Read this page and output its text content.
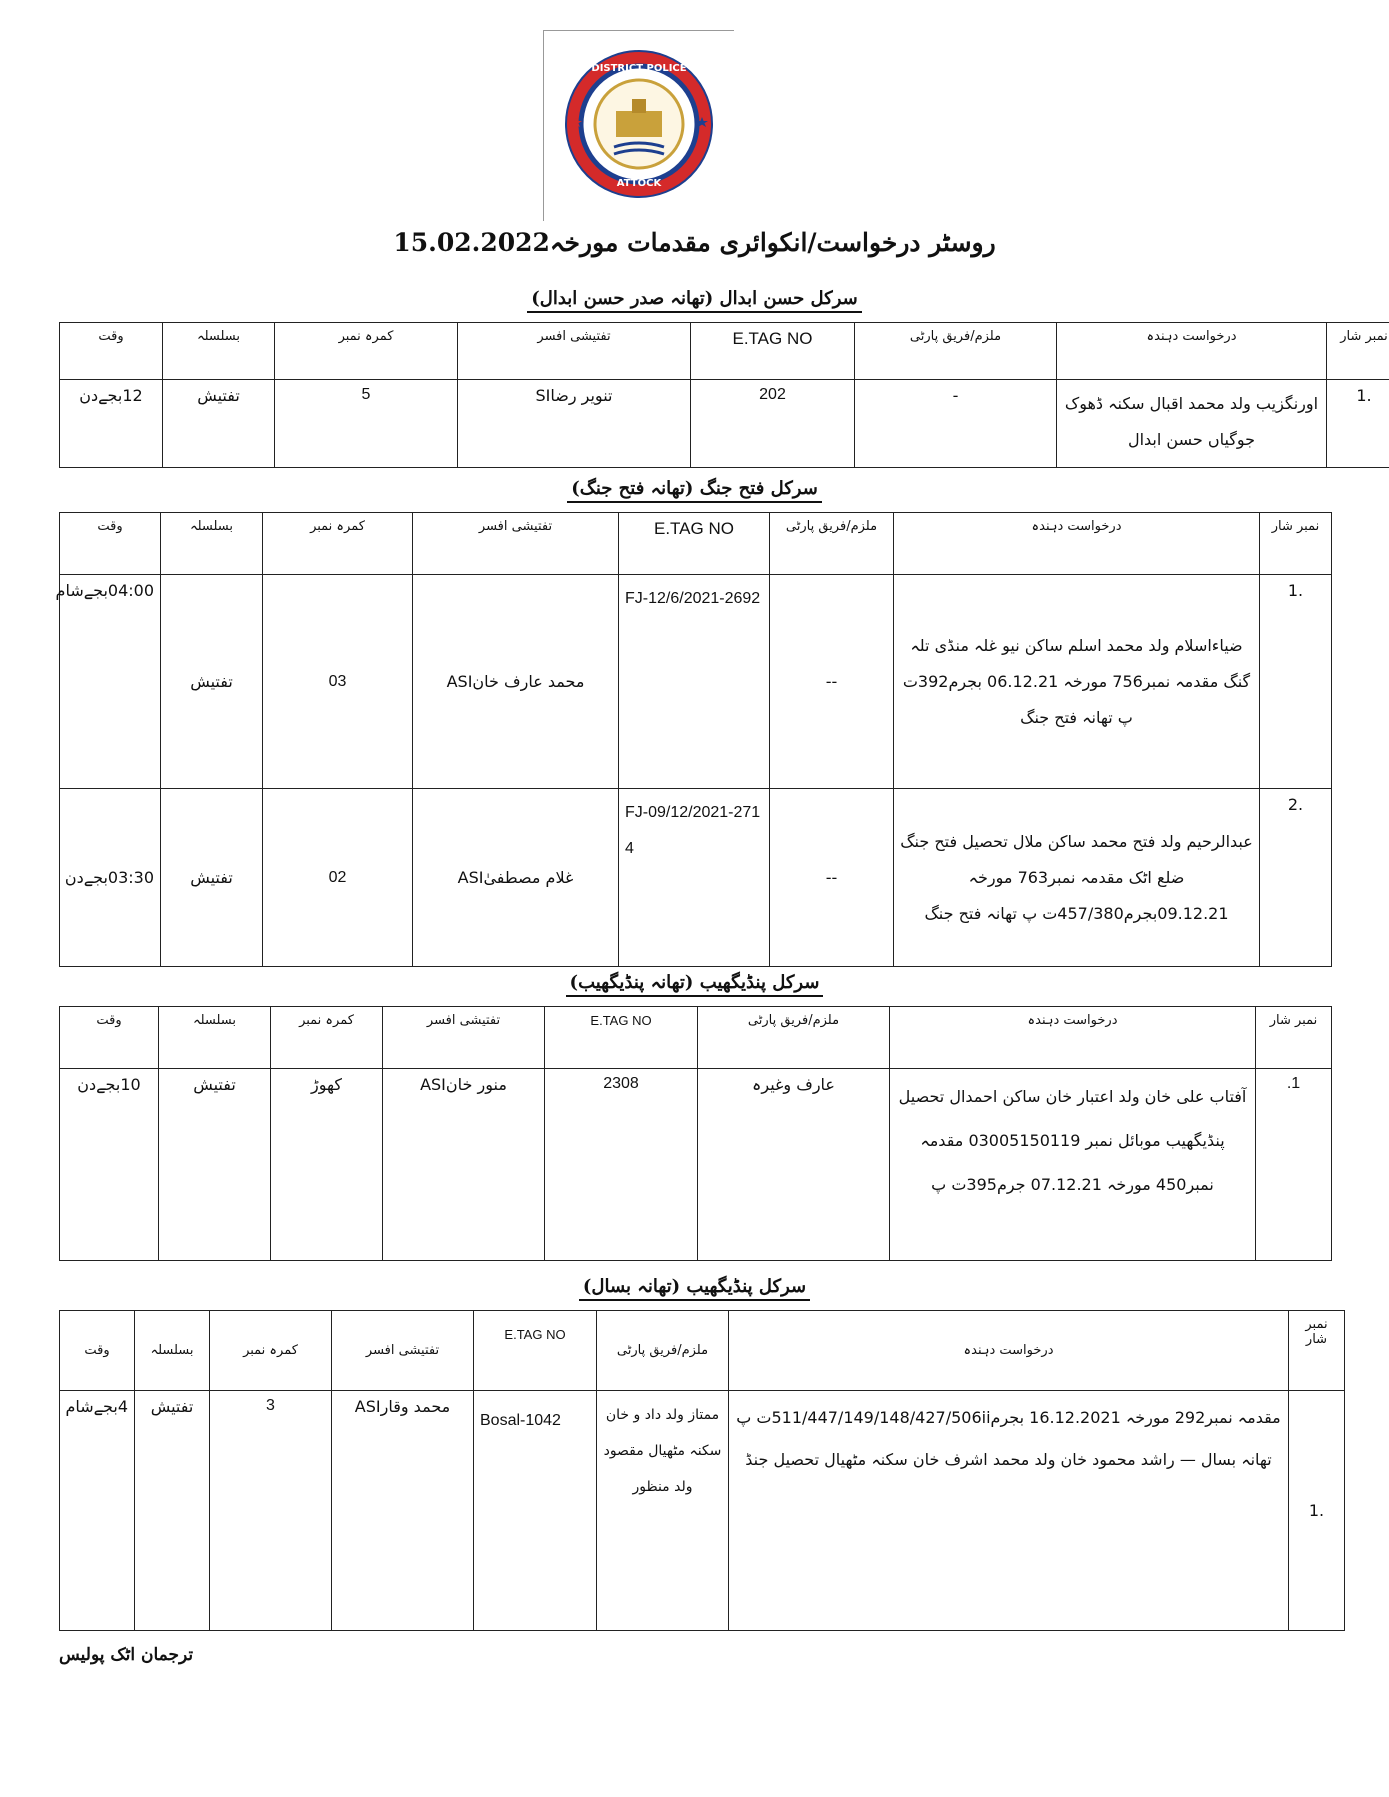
DISTRICT POLICE
ATTOCK
روسٹر درخواست/انکوائری مقدمات مورخہ15.02.2022
سرکل حسن ابدال (تھانہ صدر حسن ابدال)
نمبر شار	درخواست دہندہ	ملزم/فریق پارٹی	E.TAG NO	تفتیشی افسر	کمرہ نمبر	بسلسلہ	وقت
.1	اورنگزیب ولد محمد اقبال سکنہ ڈھوک جوگیاں حسن ابدال	-	202	تنویر رضاSI	5	تفتیش	12بجےدن
سرکل فتح جنگ (تھانہ فتح جنگ)
نمبر شار	درخواست دہندہ	ملزم/فریق پارٹی	E.TAG NO	تفتیشی افسر	کمرہ نمبر	بسلسلہ	وقت
.1	ضیاءاسلام ولد محمد اسلم ساکن نیو غلہ منڈی تلہ گنگ مقدمہ نمبر756 مورخہ 06.12.21 بجرم392ت پ تھانہ فتح جنگ	--	FJ-12/6/2021-2692	محمد عارف خانASI	03	تفتیش	04:00بجےشام
.2	عبدالرحیم ولد فتح محمد ساکن ملال تحصیل فتح جنگ ضلع اٹک مقدمہ نمبر763 مورخہ 09.12.21بجرم457/380ت پ تھانہ فتح جنگ	--	FJ-09/12/2021-2714	غلام مصطفیٰASI	02	تفتیش	03:30بجےدن
سرکل پنڈیگھیب (تھانہ پنڈیگھیب)
نمبر شار	درخواست دہندہ	ملزم/فریق پارٹی	E.TAG NO	تفتیشی افسر	کمرہ نمبر	بسلسلہ	وقت
.1	آفتاب علی خان ولد اعتبار خان ساکن احمدال تحصیل پنڈیگھیب موبائل نمبر 03005150119 مقدمہ نمبر450 مورخہ 07.12.21 جرم395ت پ	عارف وغیرہ	2308	منور خانASI	کھوڑ	تفتیش	10بجےدن
سرکل پنڈیگھیب (تھانہ بسال)
نمبر شار	درخواست دہندہ	ملزم/فریق پارٹی	E.TAG NO	تفتیشی افسر	کمرہ نمبر	بسلسلہ	وقت
.1	مقدمہ نمبر292 مورخہ 16.12.2021 بجرم511/447/149/148/427/506iiت پ تھانہ بسال — راشد محمود خان ولد محمد اشرف خان سکنہ مٹھیال تحصیل جنڈ	ممتاز ولد داد و خان سکنہ مٹھیال مقصود ولد منظور	Bosal-1042	محمد وقارASI	3	تفتیش	4بجےشام
ترجمان اٹک پولیس
